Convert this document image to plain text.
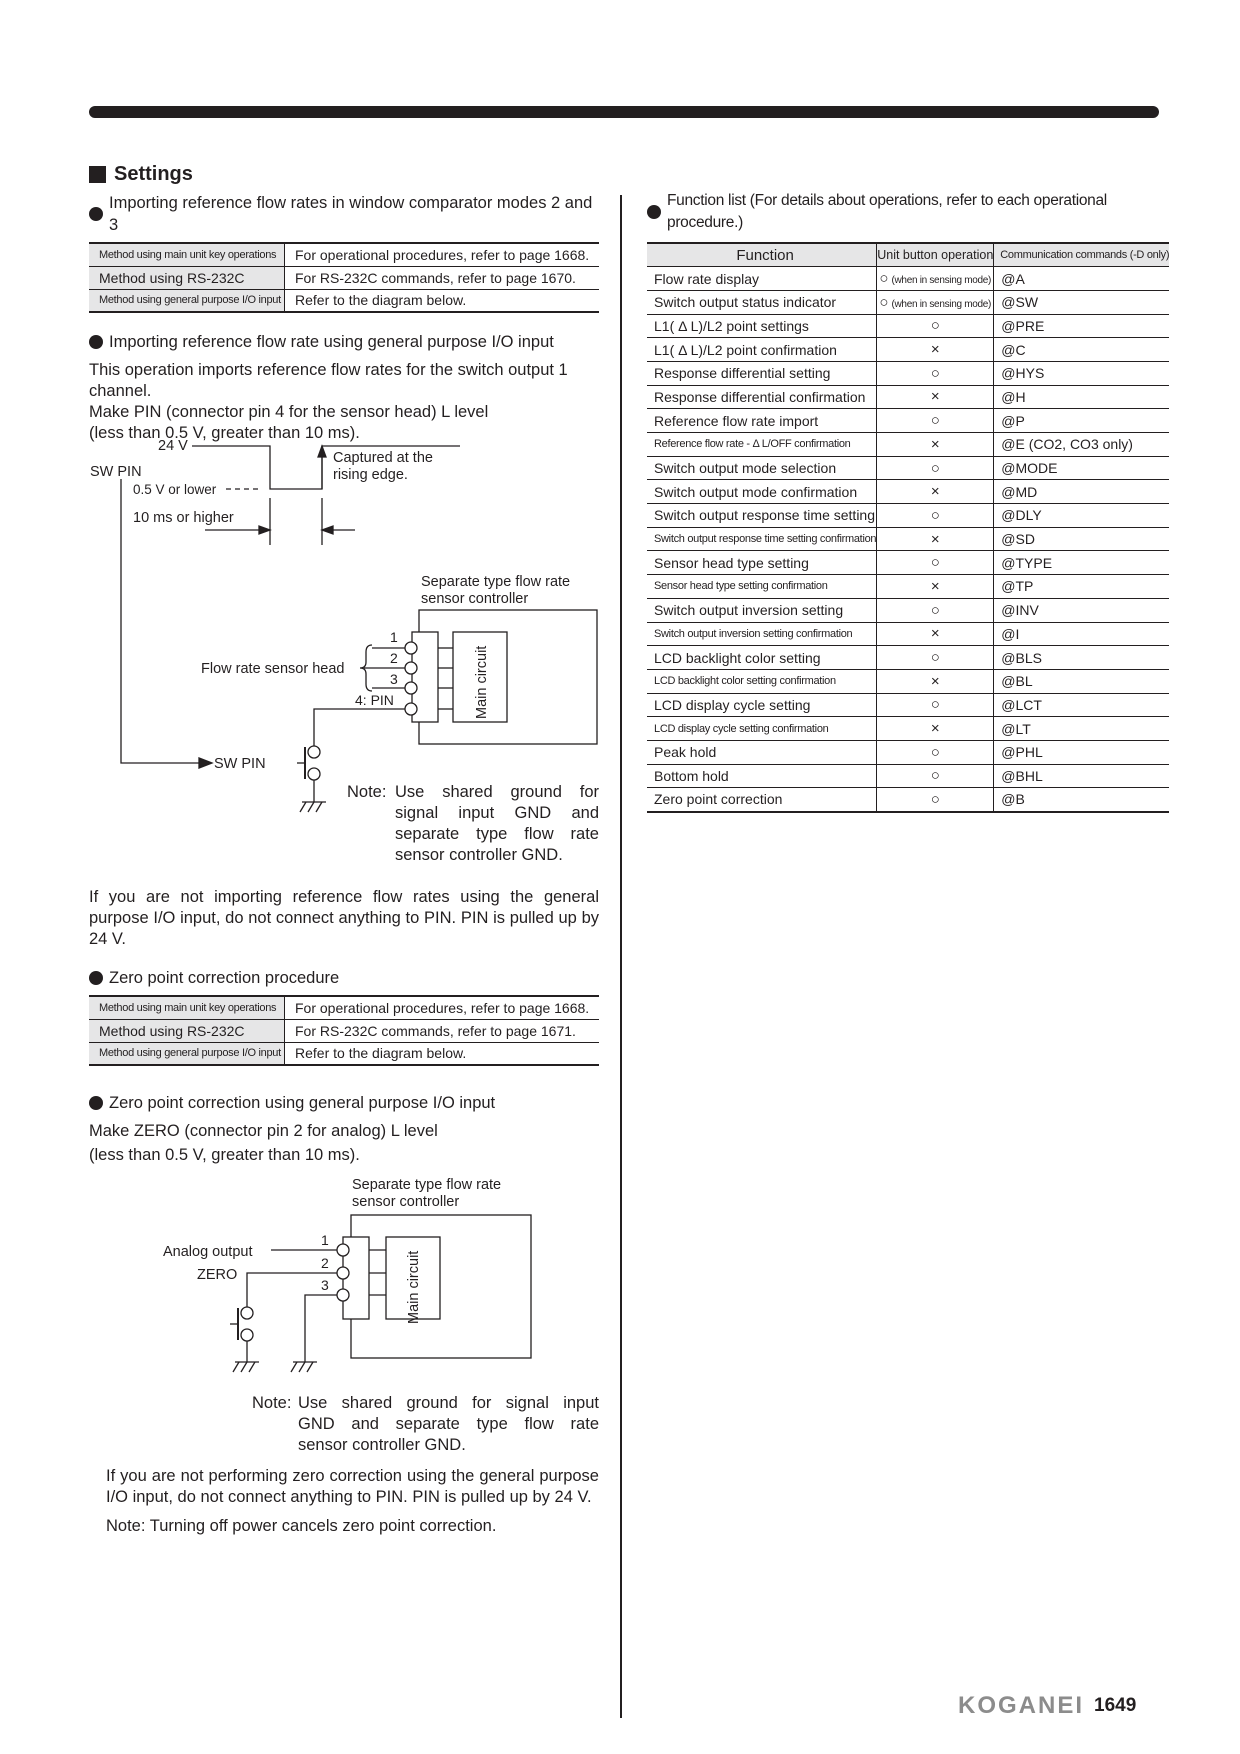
Settings
Importing reference flow rates in window comparator modes 2 and 3
Method using main unit key operations	For operational procedures, refer to page 1668.
Method using RS-232C	For RS-232C commands, refer to page 1670.
Method using general purpose I/O input	Refer to the diagram below.
Importing reference flow rate using general purpose I/O input

This operation imports reference flow rates for the switch output 1 channel.

Make PIN (connector pin 4 for the sensor head) L level

(less than 0.5 V, greater than 10 ms).

24 V
SW PIN
0.5 V or lower
10 ms or higher
Captured at the
rising edge.
Separate type flow rate
sensor controller
1
2
3
4: PIN
Flow rate sensor head	Main circuit
SW PIN
Note: Use shared ground for
signal input GND and
separate type flow rate
sensor controller GND.

If you are not importing reference flow rates using the general purpose I/O input, do not connect anything to PIN. PIN is pulled up by 24 V.

Zero point correction procedure
Method using main unit key operations	For operational procedures, refer to page 1668.
Method using RS-232C	For RS-232C commands, refer to page 1671.
Method using general purpose I/O input	Refer to the diagram below.
Zero point correction using general purpose I/O input

Make ZERO (connector pin 2 for analog) L level

(less than 0.5 V, greater than 10 ms).

Separate type flow rate
sensor controller
Analog output
ZERO
1
2
3	Main circuit
Note: Use shared ground for signal input
GND and separate type flow rate
sensor controller GND.

If you are not performing zero correction using the general purpose I/O input, do not connect anything to PIN. PIN is pulled up by 24 V.

Note: Turning off power cancels zero point correction.

Function list (For details about operations, refer to each operational procedure.)
Function	Unit button operation	Communication commands (-D only)
Flow rate display	○ (when in sensing mode)	@A
Switch output status indicator	○ (when in sensing mode)	@SW
L1( Δ L)/L2 point settings	○	@PRE
L1( Δ L)/L2 point confirmation	×	@C
Response differential setting	○	@HYS
Response differential confirmation	×	@H
Reference flow rate import	○	@P
Reference flow rate - Δ L/OFF confirmation	×	@E (CO2, CO3 only)
Switch output mode selection	○	@MODE
Switch output mode confirmation	×	@MD
Switch output response time setting	○	@DLY
Switch output response time setting confirmation	×	@SD
Sensor head type setting	○	@TYPE
Sensor head type setting confirmation	×	@TP
Switch output inversion setting	○	@INV
Switch output inversion setting confirmation	×	@I
LCD backlight color setting	○	@BLS
LCD backlight color setting confirmation	×	@BL
LCD display cycle setting	○	@LCT
LCD display cycle setting confirmation	×	@LT
Peak hold	○	@PHL
Bottom hold	○	@BHL
Zero point correction	○	@B
KOGANEI 1649
